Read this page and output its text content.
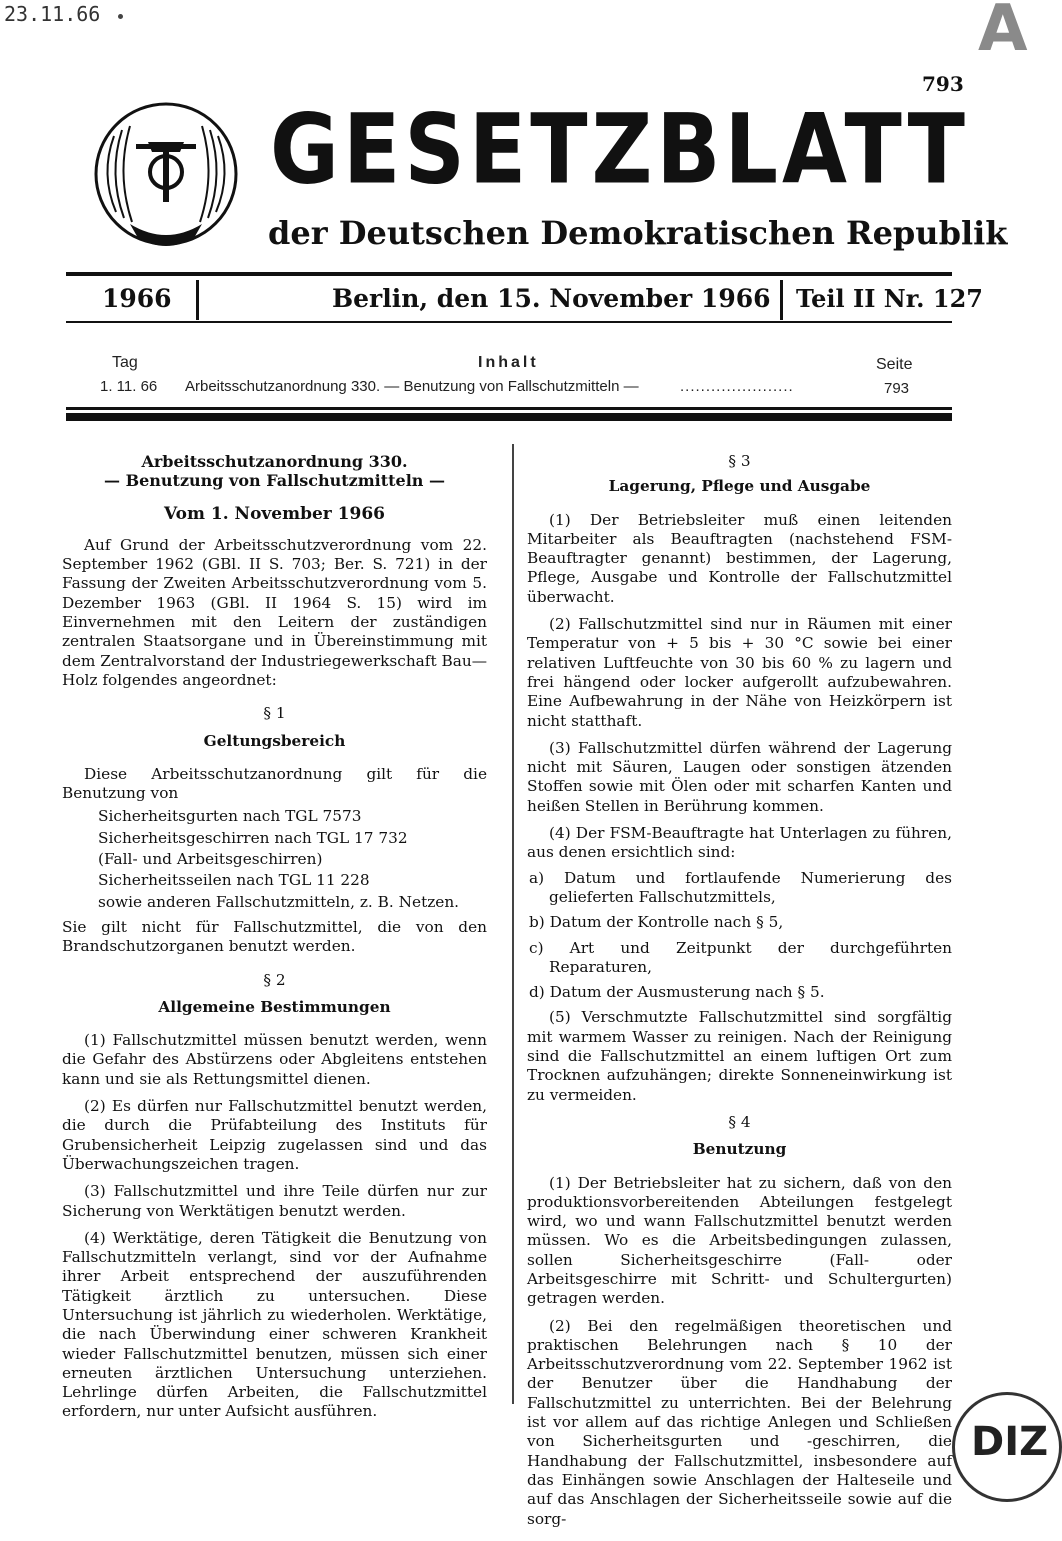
23.11.66	A
793
GESETZBLATT
der Deutschen Demokratischen Republik
1966	Berlin, den 15. November 1966 Teil II Nr. 127
Tag	Inhalt	Seite
1. 11. 66 Arbeitsschutzanordnung 330. — Benutzung von Fallschutzmitteln —	......................	793

Arbeitsschutzanordnung 330.

— Benutzung von Fallschutzmitteln —

Vom 1. November 1966

Auf Grund der Arbeitsschutzverordnung vom 22. September 1962 (GBl. II S. 703; Ber. S. 721) in der Fassung der Zweiten Arbeitsschutzverordnung vom 5. Dezember 1963 (GBl. II 1964 S. 15) wird im Einvernehmen mit den Leitern der zuständigen zentralen Staatsorgane und in Übereinstimmung mit dem Zentralvorstand der Industriegewerkschaft Bau—Holz folgendes angeordnet:

§ 1

Geltungsbereich

Diese Arbeitsschutzanordnung gilt für die Benutzung von

Sicherheitsgurten nach TGL 7573

Sicherheitsgeschirren nach TGL 17 732

(Fall- und Arbeitsgeschirren)

Sicherheitsseilen nach TGL 11 228

sowie anderen Fallschutzmitteln, z. B. Netzen.

Sie gilt nicht für Fallschutzmittel, die von den Brandschutzorganen benutzt werden.

§ 2

Allgemeine Bestimmungen

(1) Fallschutzmittel müssen benutzt werden, wenn die Gefahr des Abstürzens oder Abgleitens entstehen kann und sie als Rettungsmittel dienen.

(2) Es dürfen nur Fallschutzmittel benutzt werden, die durch die Prüfabteilung des Instituts für Grubensicherheit Leipzig zugelassen sind und das Überwachungszeichen tragen.

(3) Fallschutzmittel und ihre Teile dürfen nur zur Sicherung von Werktätigen benutzt werden.

(4) Werktätige, deren Tätigkeit die Benutzung von Fallschutzmitteln verlangt, sind vor der Aufnahme ihrer Arbeit entsprechend der auszuführenden Tätigkeit ärztlich zu untersuchen. Diese Untersuchung ist jährlich zu wiederholen. Werktätige, die nach Überwindung einer schweren Krankheit wieder Fallschutzmittel benutzen, müssen sich einer erneuten ärztlichen Untersuchung unterziehen. Lehrlinge dürfen Arbeiten, die Fallschutzmittel erfordern, nur unter Aufsicht ausführen.

§ 3

Lagerung, Pflege und Ausgabe

(1) Der Betriebsleiter muß einen leitenden Mitarbeiter als Beauftragten (nachstehend FSM-Beauftragter genannt) bestimmen, der Lagerung, Pflege, Ausgabe und Kontrolle der Fallschutzmittel überwacht.

(2) Fallschutzmittel sind nur in Räumen mit einer Temperatur von + 5 bis + 30 °C sowie bei einer relativen Luftfeuchte von 30 bis 60 % zu lagern und frei hängend oder locker aufgerollt aufzubewahren. Eine Aufbewahrung in der Nähe von Heizkörpern ist nicht statthaft.

(3) Fallschutzmittel dürfen während der Lagerung nicht mit Säuren, Laugen oder sonstigen ätzenden Stoffen sowie mit Ölen oder mit scharfen Kanten und heißen Stellen in Berührung kommen.

(4) Der FSM-Beauftragte hat Unterlagen zu führen, aus denen ersichtlich sind:

a) Datum und fortlaufende Numerierung des gelieferten Fallschutzmittels,

b) Datum der Kontrolle nach § 5,

c) Art und Zeitpunkt der durchgeführten Reparaturen,

d) Datum der Ausmusterung nach § 5.

(5) Verschmutzte Fallschutzmittel sind sorgfältig mit warmem Wasser zu reinigen. Nach der Reinigung sind die Fallschutzmittel an einem luftigen Ort zum Trocknen aufzuhängen; direkte Sonneneinwirkung ist zu vermeiden.

§ 4

Benutzung

(1) Der Betriebsleiter hat zu sichern, daß von den produktionsvorbereitenden Abteilungen festgelegt wird, wo und wann Fallschutzmittel benutzt werden müssen. Wo es die Arbeitsbedingungen zulassen, sollen Sicherheitsgeschirre (Fall- oder Arbeitsgeschirre mit Schritt- und Schultergurten) getragen werden.

(2) Bei den regelmäßigen theoretischen und praktischen Belehrungen nach § 10 der Arbeitsschutzverordnung vom 22. September 1962 ist der Benutzer über die Handhabung der Fallschutzmittel zu unterrichten. Bei der Belehrung ist vor allem auf das richtige Anlegen und Schließen von Sicherheitsgurten und -geschirren, die Handhabung der Fallschutzmittel, insbesondere auf das Einhängen sowie Anschlagen der Halteseile und auf das Anschlagen der Sicherheitsseile sowie auf die sorg-

DIZ
